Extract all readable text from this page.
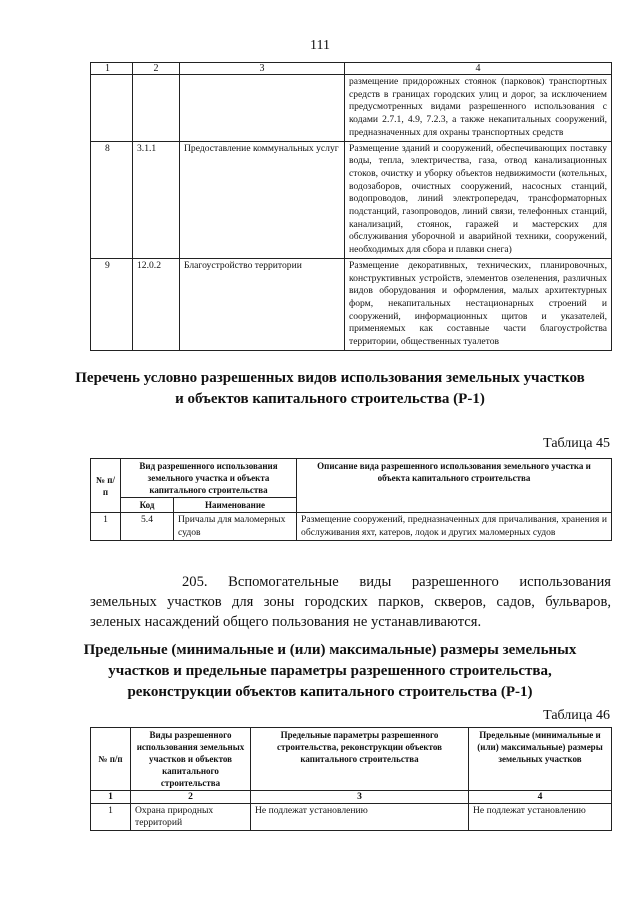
111
1	2	3	4
			размещение придорожных стоянок (парковок) транспортных средств в границах городских улиц и дорог, за исключением предусмотренных видами разрешенного использования с кодами 2.7.1, 4.9, 7.2.3, а также некапитальных сооружений, предназначенных для охраны транспортных средств
8	3.1.1	Предоставление коммунальных услуг	Размещение зданий и сооружений, обеспечивающих поставку воды, тепла, электричества, газа, отвод канализационных стоков, очистку и уборку объектов недвижимости (котельных, водозаборов, очистных сооружений, насосных станций, водопроводов, линий электропередач, трансформаторных подстанций, газопроводов, линий связи, телефонных станций, канализаций, стоянок, гаражей и мастерских для обслуживания уборочной и аварийной техники, сооружений, необходимых для сбора и плавки снега)
9	12.0.2	Благоустройство территории	Размещение декоративных, технических, планировочных, конструктивных устройств, элементов озеленения, различных видов оборудования и оформления, малых архитектурных форм, некапитальных нестационарных строений и сооружений, информационных щитов и указателей, применяемых как составные части благоустройства территории, общественных туалетов
Перечень условно разрешенных видов использования земельных участков
и объектов капитального строительства (Р-1)
Таблица 45
№ п/п	Вид разрешенного использования земельного участка и объекта капитального строительства		Описание вида разрешенного использования земельного участка и объекта капитального строительства
	Код	Наименование	
1	5.4	Причалы для маломерных судов	Размещение сооружений, предназначенных для причаливания, хранения и обслуживания яхт, катеров, лодок и других маломерных судов
205. Вспомогательные виды разрешенного использования земельных участков для зоны городских парков, скверов, садов, бульваров, зеленых насаждений общего пользования не устанавливаются.
Предельные (минимальные и (или) максимальные) размеры земельных
участков и предельные параметры разрешенного строительства,
реконструкции объектов капитального строительства (Р-1)
Таблица 46
№ п/п	Виды разрешенного использования земельных участков и объектов капитального строительства	Предельные параметры разрешенного строительства, реконструкции объектов капитального строительства	Предельные (минимальные и (или) максимальные) размеры земельных участков
1	2	3	4
1	Охрана природных территорий	Не подлежат установлению	Не подлежат установлению
